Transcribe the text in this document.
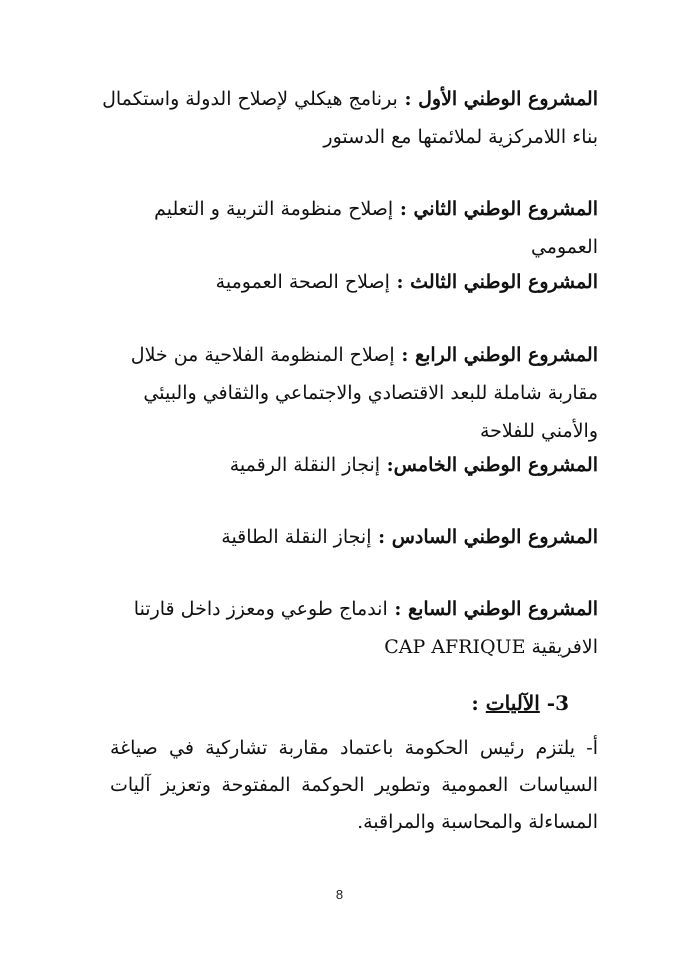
المشروع الوطني الأول : برنامج هيكلي لإصلاح الدولة واستكمال بناء اللامركزية لملائمتها مع الدستور

المشروع الوطني الثاني : إصلاح منظومة التربية و التعليم العمومي

المشروع الوطني الثالث : إصلاح الصحة العمومية

المشروع الوطني الرابع : إصلاح المنظومة الفلاحية من خلال مقاربة شاملة للبعد الاقتصادي والاجتماعي والثقافي والبيئي والأمني للفلاحة

المشروع الوطني الخامس: إنجاز النقلة الرقمية

المشروع الوطني السادس : إنجاز النقلة الطاقية

المشروع الوطني السابع : اندماج طوعي ومعزز داخل قارتنا الافريقية CAP AFRIQUE

3- الآليات :

أ- يلتزم رئيس الحكومة باعتماد مقاربة تشاركية في صياغة السياسات العمومية وتطوير الحوكمة المفتوحة وتعزيز آليات المساءلة والمحاسبة والمراقبة.

8
